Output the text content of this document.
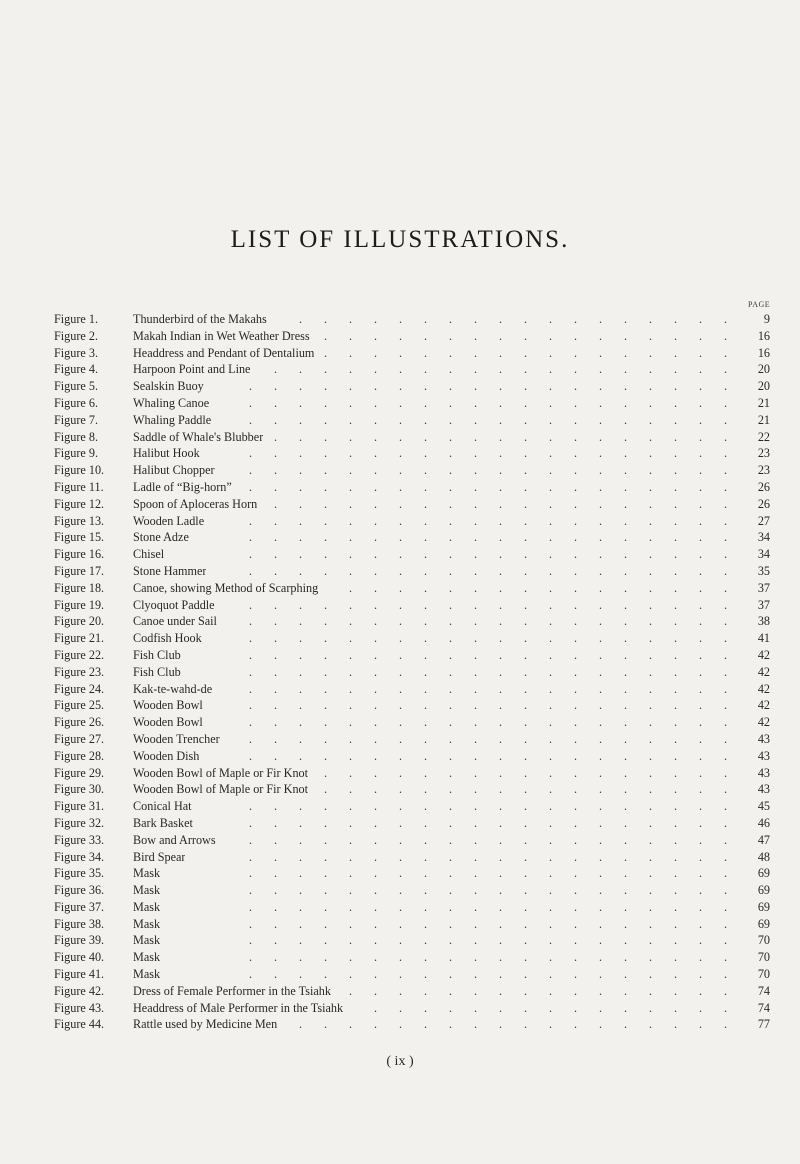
LIST OF ILLUSTRATIONS.
PAGE
Figure 1.	Thunderbird of the Makahs	. . . . . . . . . . . . . . . . . .	9
Figure 2.	Makah Indian in Wet Weather Dress . . . . . . . . . . . . . . . . .	16
Figure 3.	Headdress and Pendant of Dentalium . . . . . . . . . . . . . . . . .	16
Figure 4.	Harpoon Point and Line . . . . . . . . . . . . . . . . . . .	20
Figure 5.	Sealskin Buoy	. . . . . . . . . . . . . . . . . . . .	20
Figure 6.	Whaling Canoe	. . . . . . . . . . . . . . . . . . . .	21
Figure 7.	Whaling Paddle	. . . . . . . . . . . . . . . . . . . .	21
Figure 8.	Saddle of Whale's Blubber . . . . . . . . . . . . . . . . . . .	22
Figure 9.	Halibut Hook	. . . . . . . . . . . . . . . . . . . .	23
Figure 10.	Halibut Chopper	. . . . . . . . . . . . . . . . . . . .	23
Figure 11.	Ladle of “Big-horn” . . . . . . . . . . . . . . . . . . . .	26
Figure 12.	Spoon of Aploceras Horn . . . . . . . . . . . . . . . . . . .	26
Figure 13.	Wooden Ladle	. . . . . . . . . . . . . . . . . . . .	27
Figure 15.	Stone Adze	. . . . . . . . . . . . . . . . . . . .	34
Figure 16.	Chisel	. . . . . . . . . . . . . . . . . . . .	34
Figure 17.	Stone Hammer	. . . . . . . . . . . . . . . . . . . .	35
Figure 18.	Canoe, showing Method of Scarphing	. . . . . . . . . . . . . . . .	37
Figure 19.	Clyoquot Paddle	. . . . . . . . . . . . . . . . . . . .	37
Figure 20.	Canoe under Sail	. . . . . . . . . . . . . . . . . . . .	38
Figure 21.	Codfish Hook	. . . . . . . . . . . . . . . . . . . .	41
Figure 22.	Fish Club	. . . . . . . . . . . . . . . . . . . .	42
Figure 23.	Fish Club	. . . . . . . . . . . . . . . . . . . .	42
Figure 24.	Kak-te-wahd-de	. . . . . . . . . . . . . . . . . . . .	42
Figure 25.	Wooden Bowl	. . . . . . . . . . . . . . . . . . . .	42
Figure 26.	Wooden Bowl	. . . . . . . . . . . . . . . . . . . .	42
Figure 27.	Wooden Trencher . . . . . . . . . . . . . . . . . . . .	43
Figure 28.	Wooden Dish	. . . . . . . . . . . . . . . . . . . .	43
Figure 29.	Wooden Bowl of Maple or Fir Knot . . . . . . . . . . . . . . . . .	43
Figure 30.	Wooden Bowl of Maple or Fir Knot . . . . . . . . . . . . . . . . .	43
Figure 31.	Conical Hat	. . . . . . . . . . . . . . . . . . . .	45
Figure 32.	Bark Basket	. . . . . . . . . . . . . . . . . . . .	46
Figure 33.	Bow and Arrows	. . . . . . . . . . . . . . . . . . . .	47
Figure 34.	Bird Spear	. . . . . . . . . . . . . . . . . . . .	48
Figure 35.	Mask	. . . . . . . . . . . . . . . . . . . .	69
Figure 36.	Mask	. . . . . . . . . . . . . . . . . . . .	69
Figure 37.	Mask	. . . . . . . . . . . . . . . . . . . .	69
Figure 38.	Mask	. . . . . . . . . . . . . . . . . . . .	69
Figure 39.	Mask	. . . . . . . . . . . . . . . . . . . .	70
Figure 40.	Mask	. . . . . . . . . . . . . . . . . . . .	70
Figure 41.	Mask	. . . . . . . . . . . . . . . . . . . .	70
Figure 42.	Dress of Female Performer in the Tsiahk . . . . . . . . . . . . . . . .	74
Figure 43.	Headdress of Male Performer in the Tsiahk	. . . . . . . . . . . . . . .	74
Figure 44.	Rattle used by Medicine Men . . . . . . . . . . . . . . . . . .	77
( ix )
